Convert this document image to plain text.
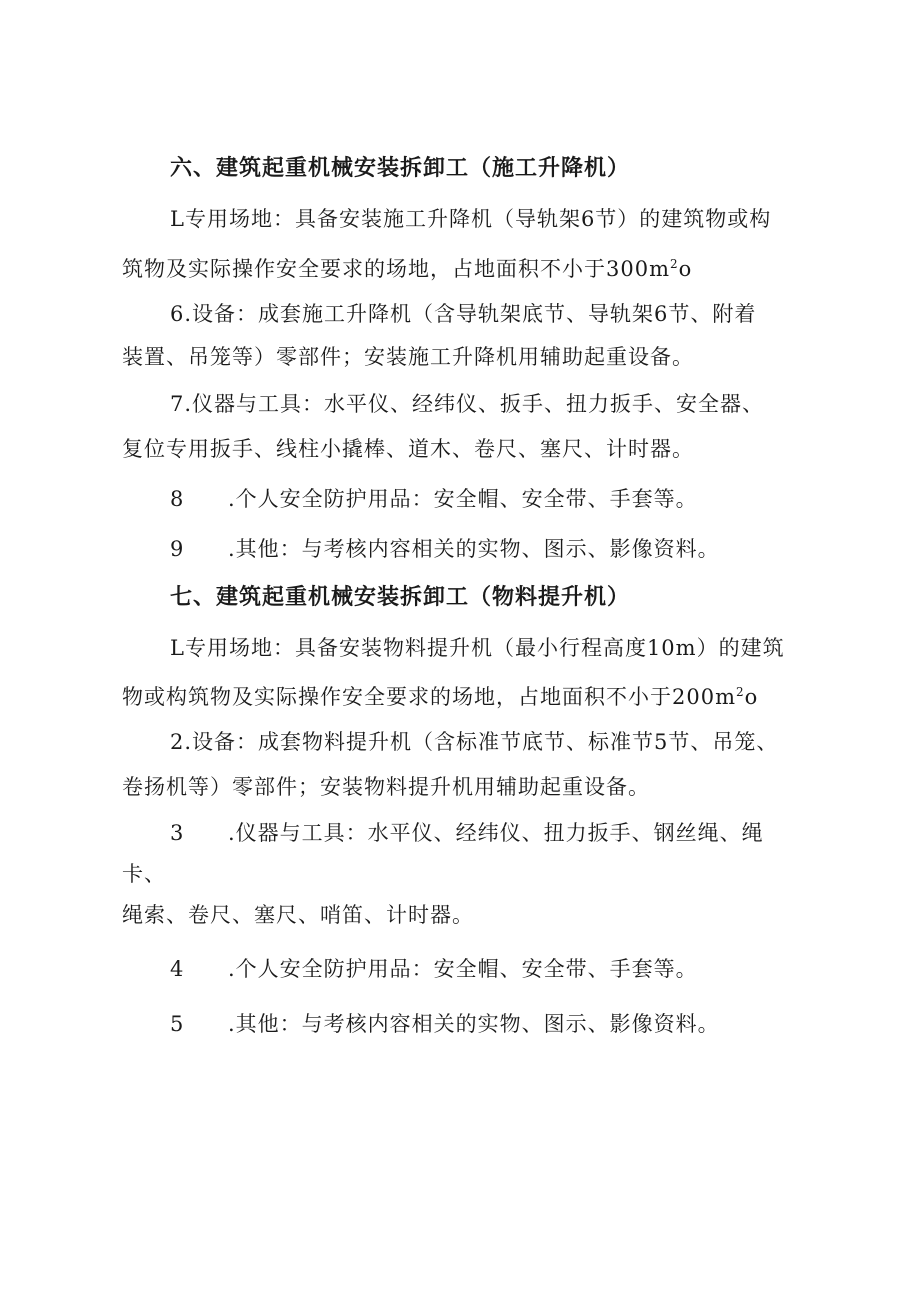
六、建筑起重机械安装拆卸工（施工升降机）
L专用场地：具备安装施工升降机（导轨架6节）的建筑物或构
筑物及实际操作安全要求的场地，占地面积不小于$300m^2o$
6.设备：成套施工升降机（含导轨架底节、导轨架6节、附着
装置、吊笼等）零部件；安装施工升降机用辅助起重设备。
7.仪器与工具：水平仪、经纬仪、扳手、扭力扳手、安全器、
复位专用扳手、线柱小撬棒、道木、卷尺、塞尺、计时器。
8 .个人安全防护用品：安全帽、安全带、手套等。
9 .其他：与考核内容相关的实物、图示、影像资料。
七、建筑起重机械安装拆卸工（物料提升机）
L专用场地：具备安装物料提升机（最小行程高度10m）的建筑
物或构筑物及实际操作安全要求的场地，占地面积不小于$200m^2o$
2.设备：成套物料提升机（含标准节底节、标准节5节、吊笼、
卷扬机等）零部件；安装物料提升机用辅助起重设备。
3 .仪器与工具：水平仪、经纬仪、扭力扳手、钢丝绳、绳
卡、
绳索、卷尺、塞尺、哨笛、计时器。
4 .个人安全防护用品：安全帽、安全带、手套等。
5 .其他：与考核内容相关的实物、图示、影像资料。
